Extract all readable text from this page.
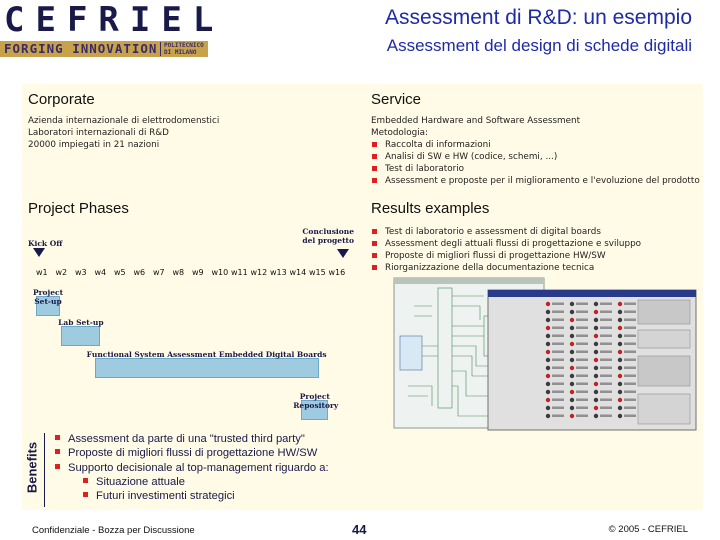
CEFRIEL
FORGING INNOVATION	POLITECNICO DI MILANO
Assessment di R&D: un esempio
Assessment del design di schede digitali
Corporate
Azienda internazionale di elettrodomenstici
Laboratori internazionali di R&D
20000 impiegati in 21 nazioni
Service
Embedded Hardware and Software Assessment
Metodologia:
Raccolta di informazioni
Analisi di SW e HW (codice, schemi, ...)
Test di laboratorio
Assessment e proposte per il miglioramento e l'evoluzione del prodotto
Project Phases
Kick Off
Conclusione del progetto
w1 w2 w3 w4 w5 w6 w7 w8 w9 w10 w11 w12 w13 w14 w15 w16
Project Set-up
Lab Set-up
Functional System Assessment Embedded Digital Boards
Project Repository
Results examples
Test di laboratorio e assessment di digital boards
Assessment degli attuali flussi di progettazione e sviluppo
Proposte di migliori flussi di progettazione HW/SW
Riorganizzazione della documentazione tecnica
Benefits
Assessment da parte di una "trusted third party"
Proposte di migliori flussi di progettazione HW/SW
Supporto decisionale al top-management riguardo a:
Situazione attuale
Futuri investimenti strategici
Confidenziale - Bozza per Discussione	44	© 2005 - CEFRIEL
